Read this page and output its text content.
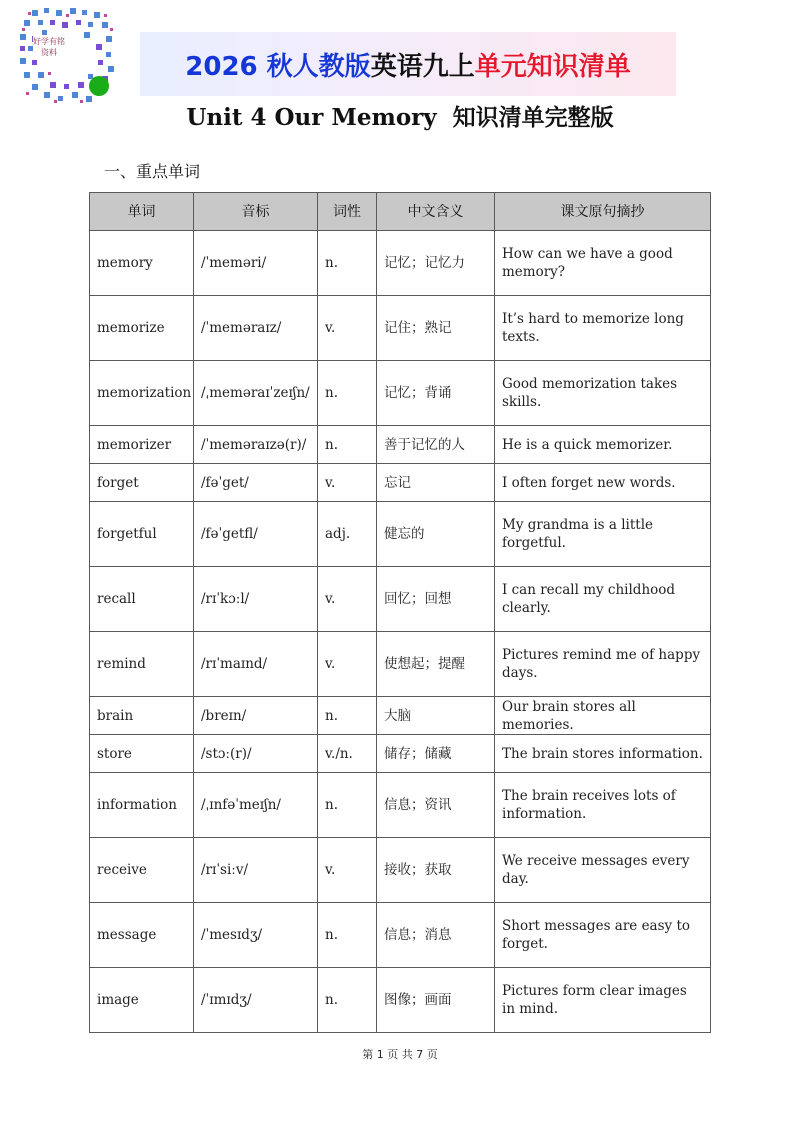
好学有铭资料	2026 秋人教版 英语九上 单元知识清单
Unit 4 Our Memory  知识清单完整版
一、重点单词
单词	音标	词性	中文含义	课文原句摘抄
memory	/ˈmeməri/	n.	记忆；记忆力	How can we have a good memory?
memorize	/ˈmeməraɪz/	v.	记住；熟记	It’s hard to memorize long texts.
memorization	/ˌmeməraɪˈzeɪʃn/	n.	记忆；背诵	Good memorization takes skills.
memorizer	/ˈmeməraɪzə(r)/	n.	善于记忆的人	He is a quick memorizer.
forget	/fəˈget/	v.	忘记	I often forget new words.
forgetful	/fəˈgetfl/	adj.	健忘的	My grandma is a little forgetful.
recall	/rɪˈkɔːl/	v.	回忆；回想	I can recall my childhood clearly.
remind	/rɪˈmaɪnd/	v.	使想起；提醒	Pictures remind me of happy days.
brain	/breɪn/	n.	大脑	Our brain stores all memories.
store	/stɔː(r)/	v./n.	储存；储藏	The brain stores information.
information	/ˌɪnfəˈmeɪʃn/	n.	信息；资讯	The brain receives lots of information.
receive	/rɪˈsiːv/	v.	接收；获取	We receive messages every day.
message	/ˈmesɪdʒ/	n.	信息；消息	Short messages are easy to forget.
image	/ˈɪmɪdʒ/	n.	图像；画面	Pictures form clear images in mind.
第 1 页 共 7 页
